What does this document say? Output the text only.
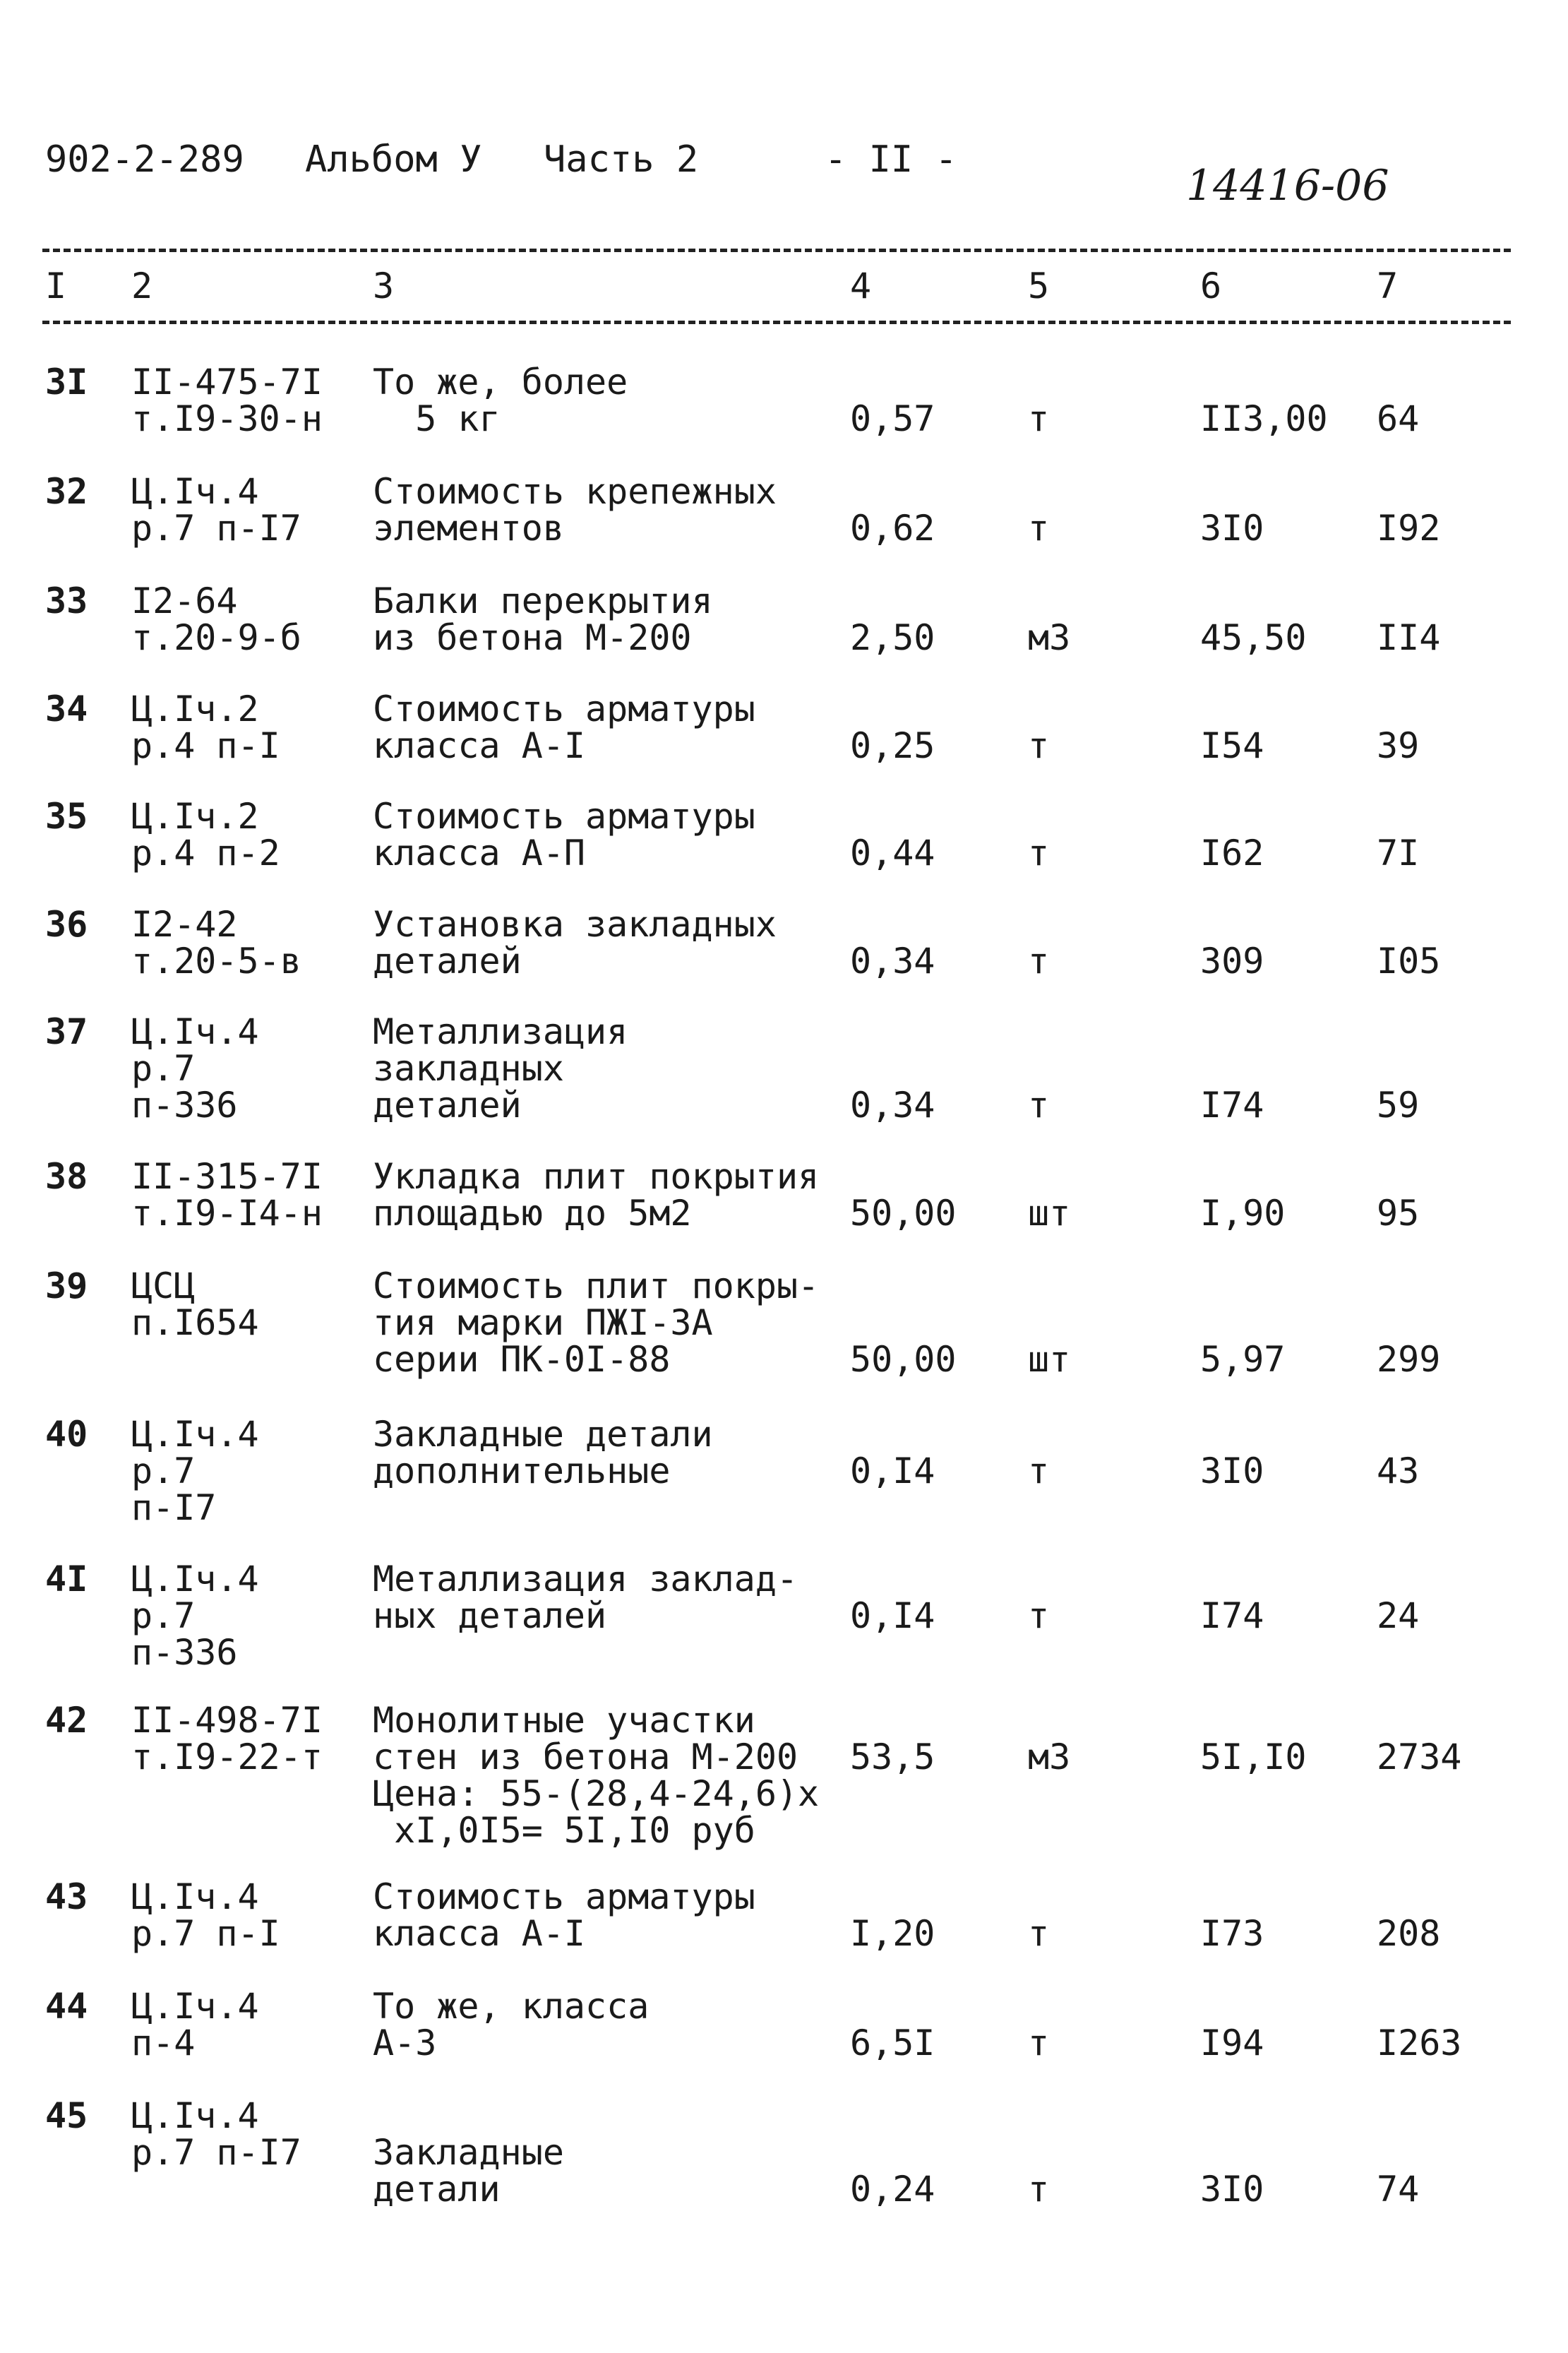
902-2-289 Альбом У Часть 2	- II -
14416-06
I 2	3	4	5	6	7
3I II-475-7I
т.I9-30-н
То же, более
5 кг	0,57	т	II3,00 64
32 Ц.Iч.4
р.7 п-I7
Стоимость крепежных
элементов	0,62	т	3I0	I92
33 I2-64
т.20-9-б
Балки перекрытия
из бетона М-200	2,50	м3	45,50 II4
34 Ц.Iч.2
р.4 п-I
Стоимость арматуры
класса А-I	0,25	т	I54	39
35 Ц.Iч.2
р.4 п-2
Стоимость арматуры
класса А-П	0,44	т	I62	7I
36 I2-42
т.20-5-в
Установка закладных
деталей	0,34	т	309	I05
37 Ц.Iч.4
р.7
п-336
Металлизация
закладных
деталей	0,34	т	I74	59
38 II-315-7I
т.I9-I4-н
Укладка плит покрытия
площадью до 5м2	50,00 шт	I,90	95
39 ЦСЦ
п.I654
Стоимость плит покры-
тия марки ПЖI-3А
серии ПК-0I-88	50,00 шт	5,97	299
40 Ц.Iч.4
р.7
п-I7
Закладные детали
дополнительные	0,I4	т	3I0	43
4I Ц.Iч.4
р.7
п-336
Металлизация заклад-
ных деталей	0,I4	т	I74	24
42 II-498-7I
т.I9-22-т
Монолитные участки
стен из бетона М-200
Цена: 55-(28,4-24,6)х
хI,0I5= 5I,I0 руб
53,5	м3	5I,I0 2734
43 Ц.Iч.4
р.7 п-I
Стоимость арматуры
класса А-I	I,20	т	I73	208
44 Ц.Iч.4
п-4
То же, класса
А-3	6,5I	т	I94	I263
45 Ц.Iч.4
р.7 п-I7
Закладные
детали	0,24	т	3I0	74
